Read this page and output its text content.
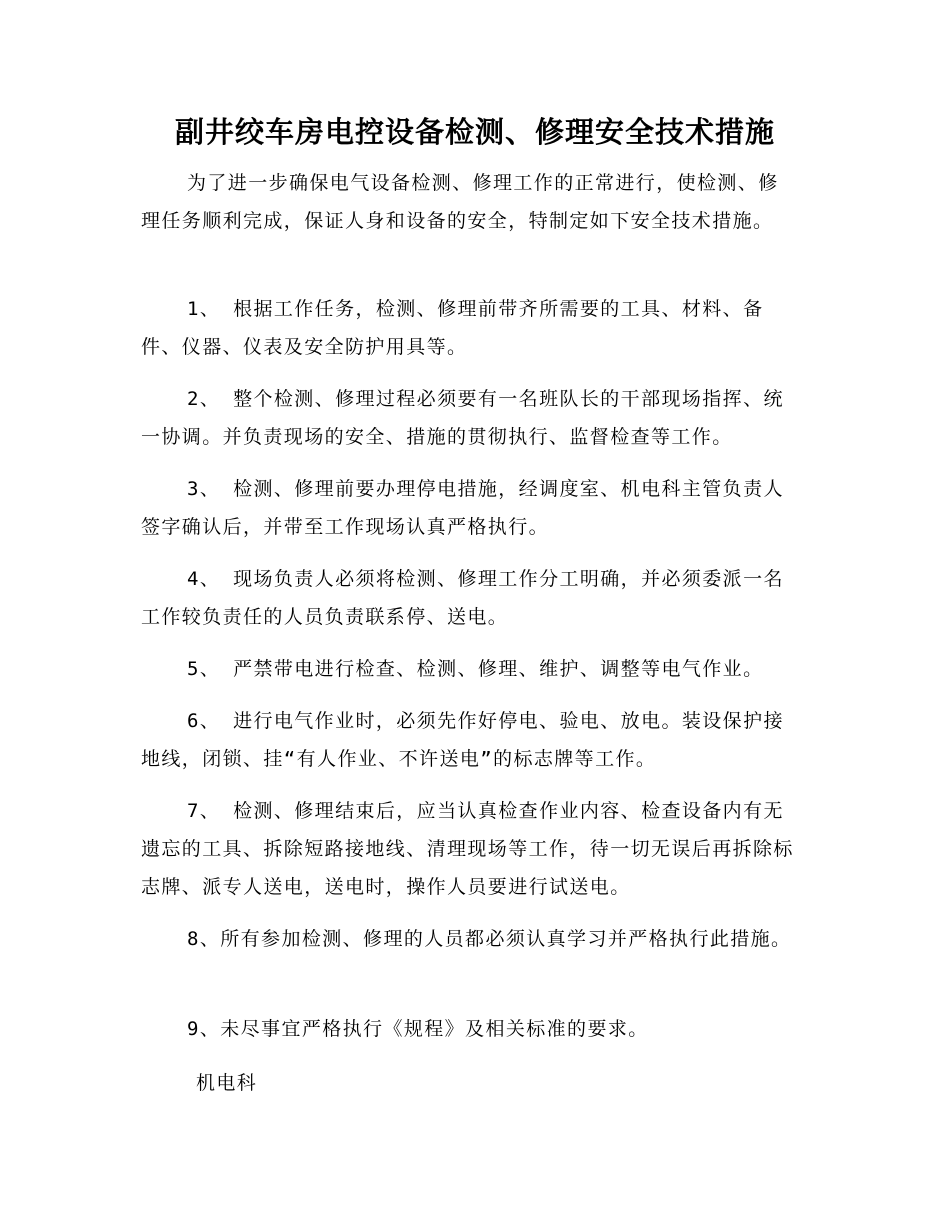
副井绞车房电控设备检测、修理安全技术措施

为了进一步确保电气设备检测、修理工作的正常进行，使检测、修理任务顺利完成，保证人身和设备的安全，特制定如下安全技术措施。

1、 根据工作任务，检测、修理前带齐所需要的工具、材料、备件、仪器、仪表及安全防护用具等。

2、 整个检测、修理过程必须要有一名班队长的干部现场指挥、统一协调。并负责现场的安全、措施的贯彻执行、监督检查等工作。

3、 检测、修理前要办理停电措施，经调度室、机电科主管负责人签字确认后，并带至工作现场认真严格执行。

4、 现场负责人必须将检测、修理工作分工明确，并必须委派一名工作较负责任的人员负责联系停、送电。

5、 严禁带电进行检查、检测、修理、维护、调整等电气作业。

6、 进行电气作业时，必须先作好停电、验电、放电。装设保护接地线，闭锁、挂“有人作业、不许送电”的标志牌等工作。

7、 检测、修理结束后，应当认真检查作业内容、检查设备内有无遗忘的工具、拆除短路接地线、清理现场等工作，待一切无误后再拆除标志牌、派专人送电，送电时，操作人员要进行试送电。

8、所有参加检测、修理的人员都必须认真学习并严格执行此措施。

9、未尽事宜严格执行《规程》及相关标准的要求。

机电科
